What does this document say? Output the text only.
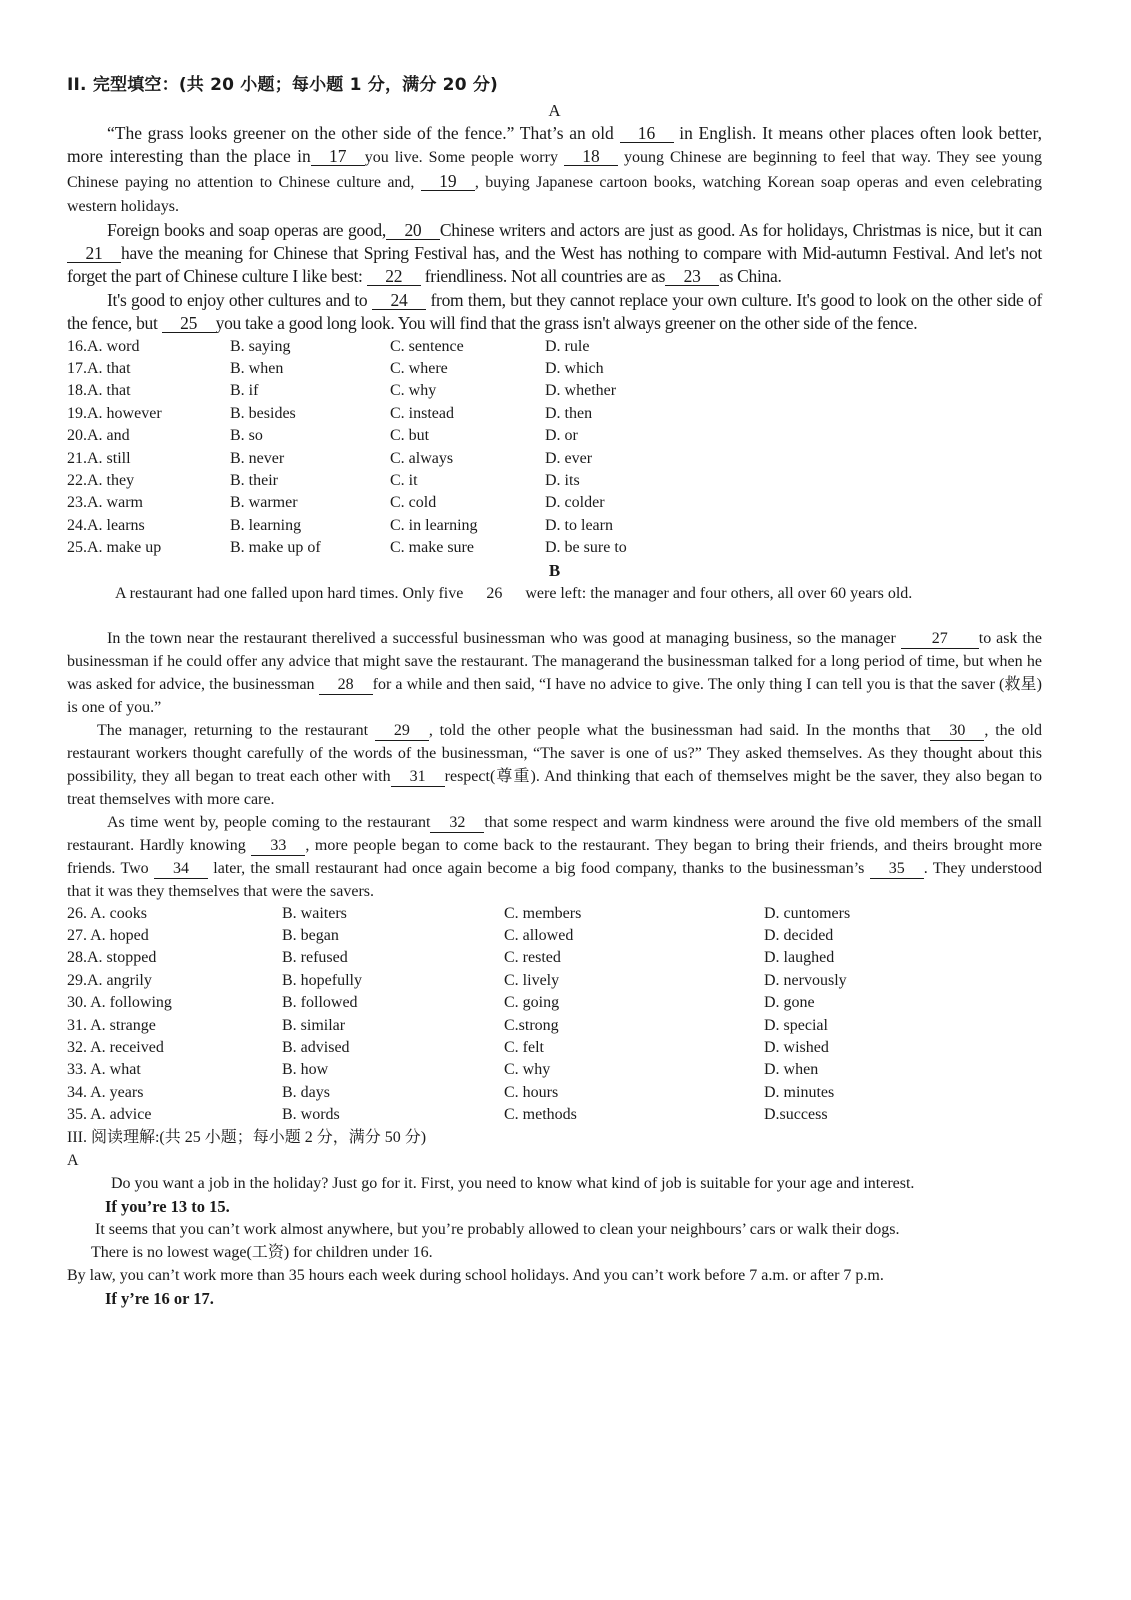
II. 完型填空：(共 20 小题；每小题 1 分，满分 20 分)
A

“The grass looks greener on the other side of the fence.” That’s an old 16 in English. It means other places often look better, more interesting than the place in 17 you live. Some people worry 18 young Chinese are beginning to feel that way. They see young Chinese paying no attention to Chinese culture and, 19 , buying Japanese cartoon books, watching Korean soap operas and even celebrating western holidays.

Foreign books and soap operas are good, 20 Chinese writers and actors are just as good. As for holidays, Christmas is nice, but it can21 have the meaning for Chinese that Spring Festival has, and the West has nothing to compare with Mid-autumn Festival. And let's not forget the part of Chinese culture I like best: 22 friendliness. Not all countries are as 23 as China.

It's good to enjoy other cultures and to 24 from them, but they cannot replace your own culture. It's good to look on the other side of the fence, but 25 you take a good long look. You will find that the grass isn't always greener on the other side of the fence.

16.A. word	B. saying	C. sentence	D. rule
17.A. that	B. when	C. where	D. which
18.A. that	B. if	C. why	D. whether
19.A. however	B. besides	C. instead	D. then
20.A. and	B. so	C. but	D. or
21.A. still	B. never	C. always	D. ever
22.A. they	B. their	C. it	D. its
23.A. warm	B. warmer	C. cold	D. colder
24.A. learns	B. learning	C. in learning	D. to learn
25.A. make up	B. make up of	C. make sure	D. be sure to
B

A restaurant had one falled upon hard times. Only five 26 were left: the manager and four others, all over 60 years old.

In the town near the restaurant therelived a successful businessman who was good at managing business, so the manager 27 to ask the businessman if he could offer any advice that might save the restaurant. The managerand the businessman talked for a long period of time, but when he was asked for advice, the businessman 28 for a while and then said, “I have no advice to give. The only thing I can tell you is that the saver (救星) is one of you.”

The manager, returning to the restaurant 29 , told the other people what the businessman had said. In the months that 30 , the old restaurant workers thought carefully of the words of the businessman, “The saver is one of us?” They asked themselves. As they thought about this possibility, they all began to treat each other with 31 respect(尊重). And thinking that each of themselves might be the saver, they also began to treat themselves with more care.

As time went by, people coming to the restaurant 32 that some respect and warm kindness were around the five old members of the small restaurant. Hardly knowing 33 , more people began to come back to the restaurant. They began to bring their friends, and theirs brought more friends. Two 34 later, the small restaurant had once again become a big food company, thanks to the businessman’s 35 . They understood that it was they themselves that were the savers.

26. A. cooks	B. waiters	C. members	D. cuntomers
27. A. hoped	B. began	C. allowed	D. decided
28.A. stopped	B. refused	C. rested	D. laughed
29.A. angrily	B. hopefully	C. lively	D. nervously
30. A. following	B. followed	C. going	D. gone
31. A. strange	B. similar	C.strong	D. special
32. A. received	B. advised	C. felt	D. wished
33. A. what	B. how	C. why	D. when
34. A. years	B. days	C. hours	D. minutes
35. A. advice	B. words	C. methods	D.success
III. 阅读理解:(共 25 小题；每小题 2 分，满分 50 分)
A

Do you want a job in the holiday? Just go for it. First, you need to know what kind of job is suitable for your age and interest.

If you’re 13 to 15.

It seems that you can’t work almost anywhere, but you’re probably allowed to clean your neighbours’ cars or walk their dogs.

There is no lowest wage(工资) for children under 16.

By law, you can’t work more than 35 hours each week during school holidays. And you can’t work before 7 a.m. or after 7 p.m.

If y’re 16 or 17.
